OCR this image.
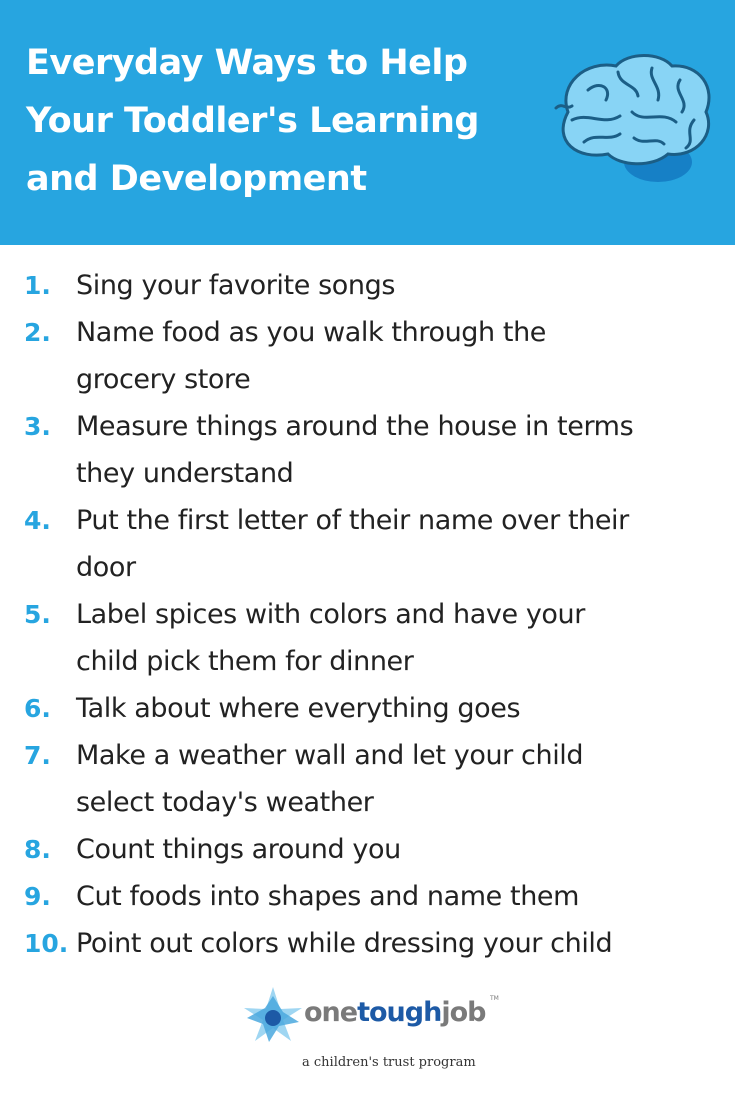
Everyday Ways to Help
Your Toddler's Learning
and Development
1. Sing your favorite songs
2. Name food as you walk through the
grocery store
3. Measure things around the house in terms
they understand
4. Put the first letter of their name over their
door
5. Label spices with colors and have your
child pick them for dinner
6. Talk about where everything goes
7. Make a weather wall and let your child
select today's weather
8. Count things around you
9. Cut foods into shapes and name them
10. Point out colors while dressing your child
onetoughjob TM
a children's trust program
